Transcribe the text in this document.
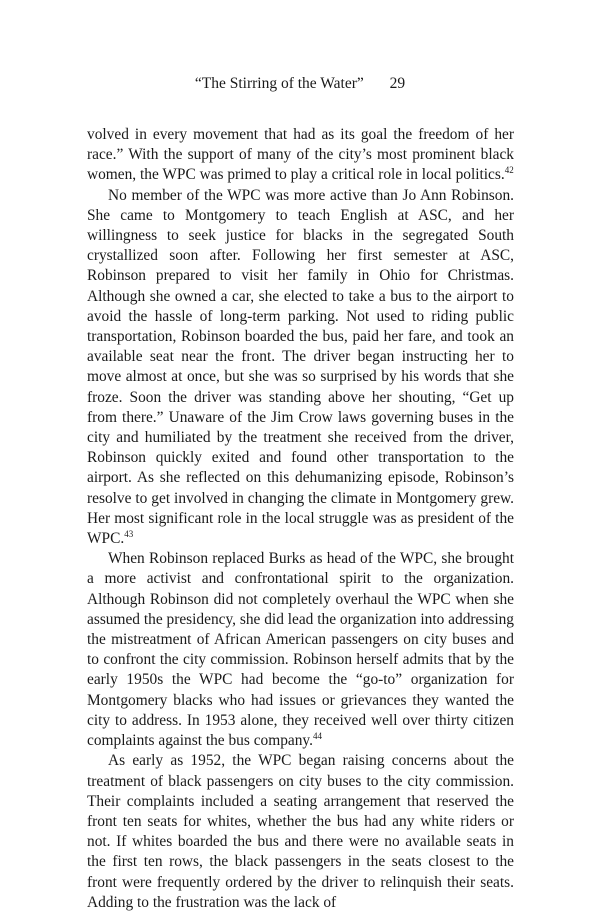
“The Stirring of the Water” 29

volved in every movement that had as its goal the freedom of her race.” With the support of many of the city’s most prominent black women, the WPC was primed to play a critical role in local politics.$^{42}$

No member of the WPC was more active than Jo Ann Robinson. She came to Montgomery to teach English at ASC, and her willingness to seek justice for blacks in the segregated South crystallized soon after. Following her first semester at ASC, Robinson prepared to visit her family in Ohio for Christmas. Although she owned a car, she elected to take a bus to the airport to avoid the hassle of long-term parking. Not used to riding public transportation, Robinson boarded the bus, paid her fare, and took an available seat near the front. The driver began instructing her to move almost at once, but she was so surprised by his words that she froze. Soon the driver was standing above her shouting, “Get up from there.” Unaware of the Jim Crow laws governing buses in the city and humiliated by the treatment she received from the driver, Robinson quickly exited and found other transportation to the airport. As she reflected on this dehumanizing episode, Robinson’s resolve to get involved in changing the climate in Montgomery grew. Her most significant role in the local struggle was as president of the WPC.$^{43}$

When Robinson replaced Burks as head of the WPC, she brought a more activist and confrontational spirit to the organization. Although Robinson did not completely overhaul the WPC when she assumed the presidency, she did lead the organization into addressing the mistreatment of African American passengers on city buses and to confront the city commission. Robinson herself admits that by the early 1950s the WPC had become the “go-to” organization for Montgomery blacks who had issues or grievances they wanted the city to address. In 1953 alone, they received well over thirty citizen complaints against the bus company.$^{44}$

As early as 1952, the WPC began raising concerns about the treatment of black passengers on city buses to the city commission. Their complaints included a seating arrangement that reserved the front ten seats for whites, whether the bus had any white riders or not. If whites boarded the bus and there were no available seats in the first ten rows, the black passengers in the seats closest to the front were frequently ordered by the driver to relinquish their seats. Adding to the frustration was the lack of
